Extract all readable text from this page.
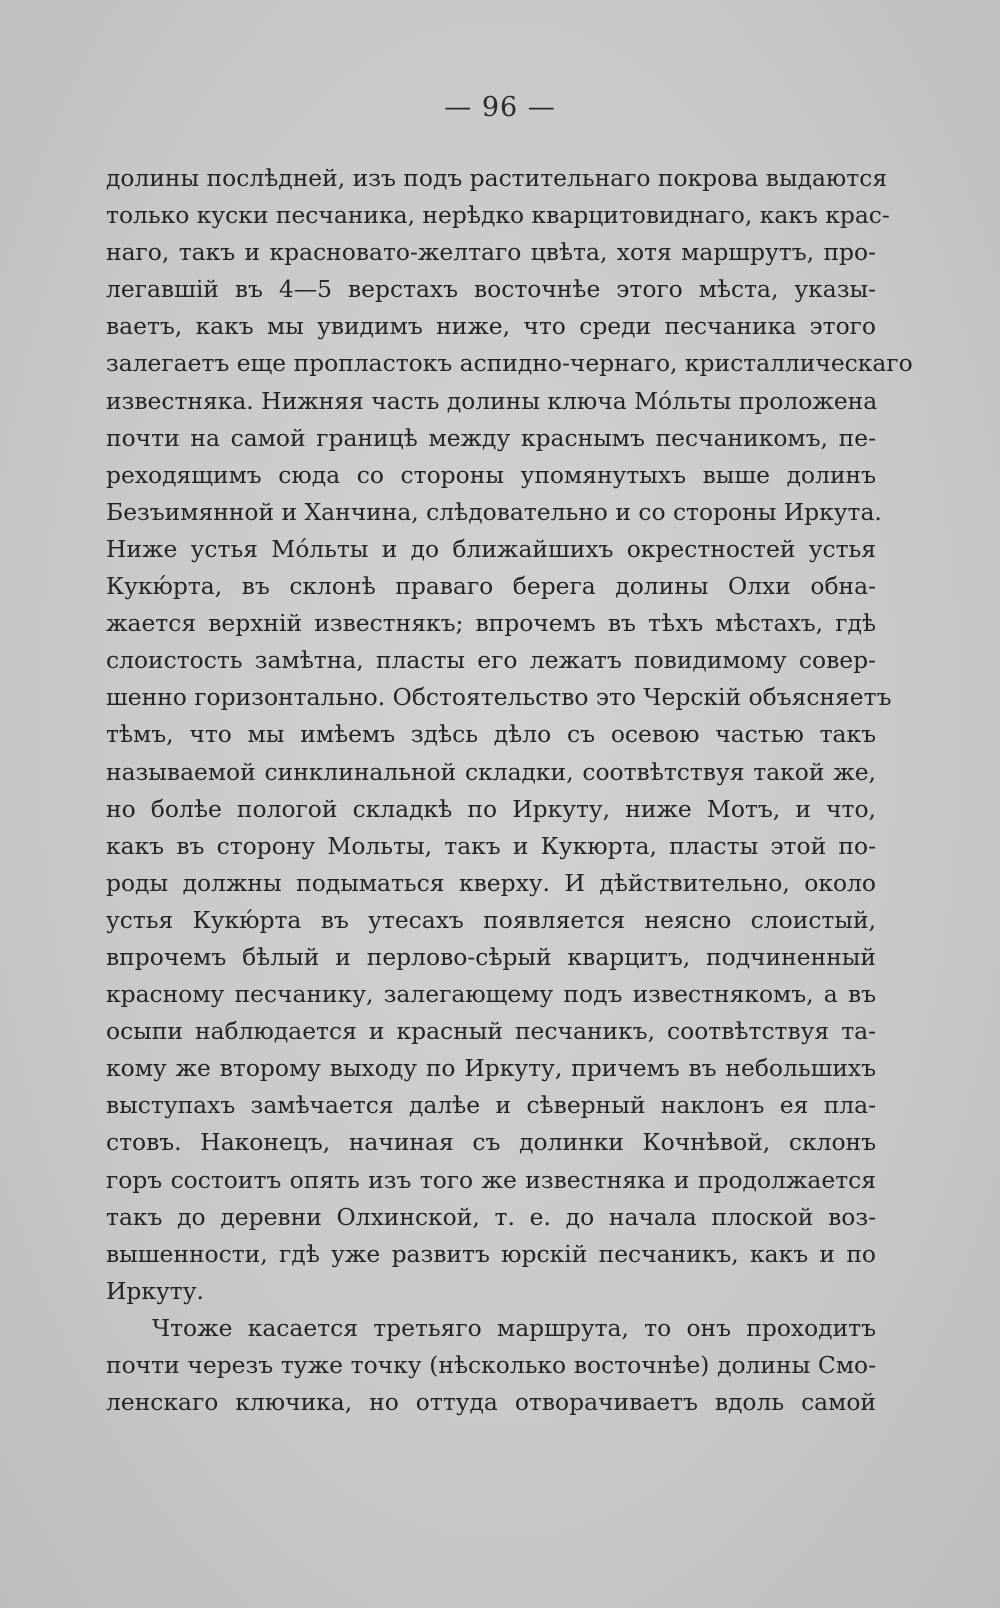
— 96 —
долины послѣдней, изъ подъ растительнаго покрова выдаются
только куски песчаника, нерѣдко кварцитовиднаго, какъ крас-
наго, такъ и красновато-желтаго цвѣта, хотя маршрутъ, про-
легавшій въ 4—5 верстахъ восточнѣе этого мѣста, указы-
ваетъ, какъ мы увидимъ ниже, что среди песчаника этого
залегаетъ еще пропластокъ аспидно-чернаго, кристаллическаго
известняка. Нижняя часть долины ключа Мо́льты проложена
почти на самой границѣ между краснымъ песчаникомъ, пе-
реходящимъ сюда со стороны упомянутыхъ выше долинъ
Безъимянной и Ханчина, слѣдовательно и со стороны Иркута.
Ниже устья Мо́льты и до ближайшихъ окрестностей устья
Кукю́рта, въ склонѣ праваго берега долины Олхи обна-
жается верхній известнякъ; впрочемъ въ тѣхъ мѣстахъ, гдѣ
слоистость замѣтна, пласты его лежатъ повидимому совер-
шенно горизонтально. Обстоятельство это Черскій объясняетъ
тѣмъ, что мы имѣемъ здѣсь дѣло съ осевою частью такъ
называемой синклинальной складки, соотвѣтствуя такой же,
но болѣе пологой складкѣ по Иркуту, ниже Мотъ, и что,
какъ въ сторону Мольты, такъ и Кукюрта, пласты этой по-
роды должны подыматься кверху. И дѣйствительно, около
устья Кукю́рта въ утесахъ появляется неясно слоистый,
впрочемъ бѣлый и перлово-сѣрый кварцитъ, подчиненный
красному песчанику, залегающему подъ известнякомъ, а въ
осыпи наблюдается и красный песчаникъ, соотвѣтствуя та-
кому же второму выходу по Иркуту, причемъ въ небольшихъ
выступахъ замѣчается далѣе и сѣверный наклонъ ея пла-
стовъ. Наконецъ, начиная съ долинки Кочнѣвой, склонъ
горъ состоитъ опять изъ того же известняка и продолжается
такъ до деревни Олхинской, т. е. до начала плоской воз-
вышенности, гдѣ уже развитъ юрскій песчаникъ, какъ и по
Иркуту.
Чтоже касается третьяго маршрута, то онъ проходитъ
почти черезъ туже точку (нѣсколько восточнѣе) долины Смо-
ленскаго ключика, но оттуда отворачиваетъ вдоль самой
